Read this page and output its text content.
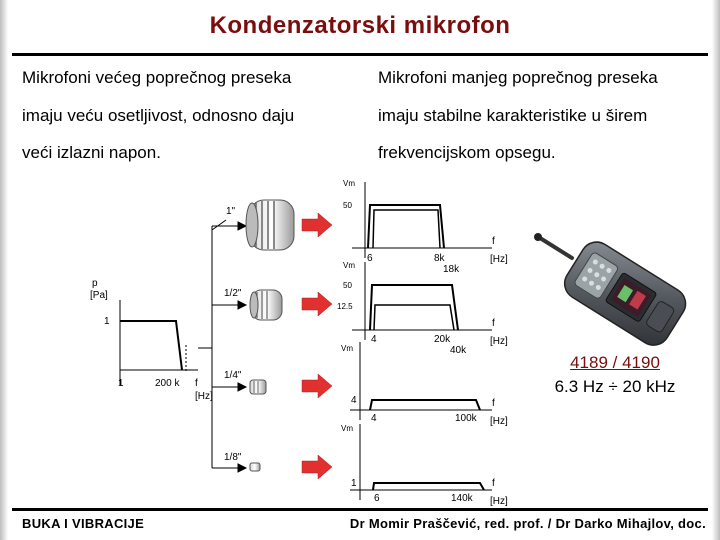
Kondenzatorski mikrofon
Mikrofoni većeg poprečnog preseka
imaju veću osetljivost, odnosno daju
veći izlazni napon.
Mikrofoni manjeg poprečnog preseka
imaju stabilne karakteristike u širem
frekvencijskom opsegu.
p
[Pa]
1
1	200 k f
[Hz]
1"
1/2"
1/4"
1/8"
Vm
50
6	8k
18k
f
[Hz]
Vm
50
12.5
4	20k
40k
f
[Hz]
Vm
4
4	100k
f
[Hz]
Vm
1
6	140k
f
[Hz]
4189 / 4190
6.3 Hz ÷ 20 kHz
BUKA I VIBRACIJE	Dr Momir Praščević, red. prof. / Dr Darko Mihajlov, doc.
